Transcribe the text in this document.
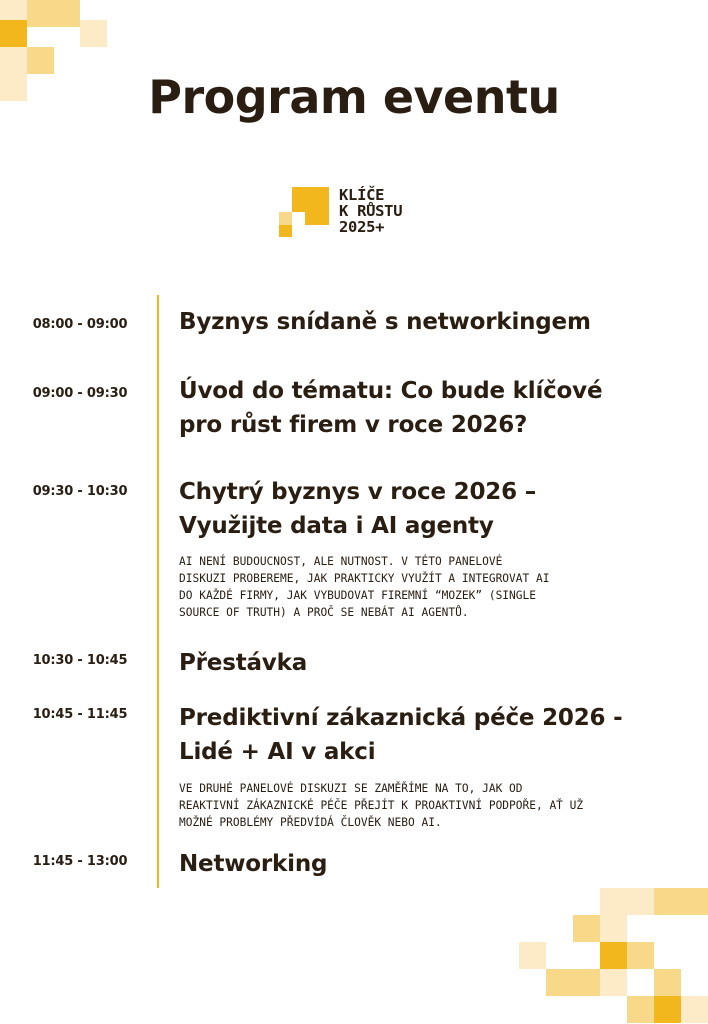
Program eventu
KLÍČE
K RŮSTU
2025+
08:00 - 09:00	Byznys snídaně s networkingem
09:00 - 09:30	Úvod do tématu: Co bude klíčové
pro růst firem v roce 2026?
09:30 - 10:30	Chytrý byznys v roce 2026 –
Využijte data i AI agenty
AI NENÍ BUDOUCNOST, ALE NUTNOST. V TÉTO PANELOVÉ
DISKUZI PROBEREME, JAK PRAKTICKY VYUŽÍT A INTEGROVAT AI
DO KAŽDÉ FIRMY, JAK VYBUDOVAT FIREMNÍ “MOZEK” (SINGLE
SOURCE OF TRUTH) A PROČ SE NEBÁT AI AGENTŮ.
10:30 - 10:45	Přestávka
10:45 - 11:45	Prediktivní zákaznická péče 2026 -
Lidé + AI v akci
VE DRUHÉ PANELOVÉ DISKUZI SE ZAMĚŘÍME NA TO, JAK OD
REAKTIVNÍ ZÁKAZNICKÉ PÉČE PŘEJÍT K PROAKTIVNÍ PODPOŘE, AŤ UŽ
MOŽNÉ PROBLÉMY PŘEDVÍDÁ ČLOVĚK NEBO AI.
11:45 - 13:00	Networking
